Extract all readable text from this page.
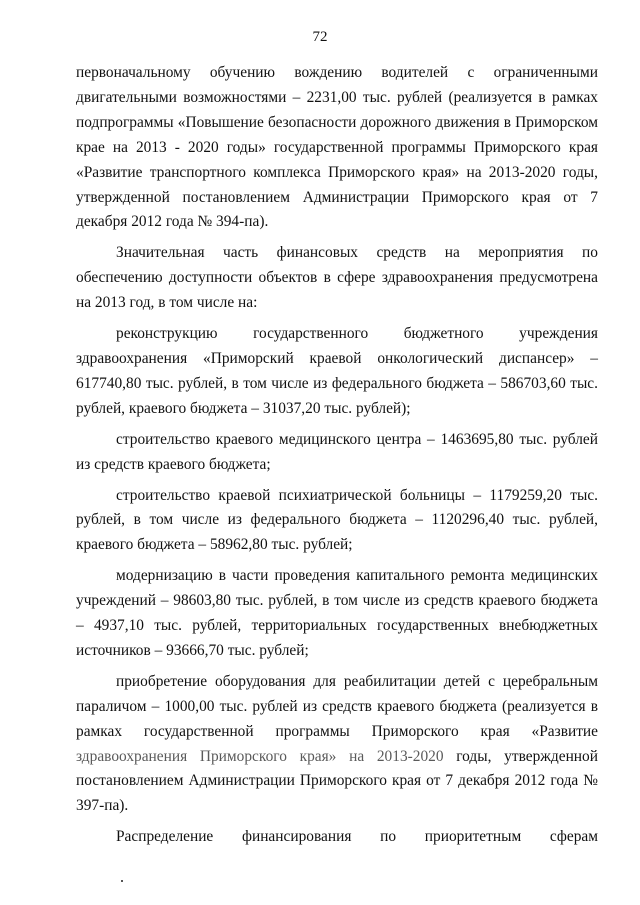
72

первоначальному обучению вождению водителей с ограниченными двигательными возможностями – 2231,00 тыс. рублей (реализуется в рамках подпрограммы «Повышение безопасности дорожного движения в Приморском крае на 2013 - 2020 годы» государственной программы Приморского края «Развитие транспортного комплекса Приморского края» на 2013-2020 годы, утвержденной постановлением Администрации Приморского края от 7 декабря 2012 года № 394-па).

Значительная часть финансовых средств на мероприятия по обеспечению доступности объектов в сфере здравоохранения предусмотрена на 2013 год, в том числе на:

реконструкцию государственного бюджетного учреждения здравоохранения «Приморский краевой онкологический диспансер» – 617740,80 тыс. рублей, в том числе из федерального бюджета – 586703,60 тыс. рублей, краевого бюджета – 31037,20 тыс. рублей);

строительство краевого медицинского центра – 1463695,80 тыс. рублей из средств краевого бюджета;

строительство краевой психиатрической больницы – 1179259,20 тыс. рублей, в том числе из федерального бюджета – 1120296,40 тыс. рублей, краевого бюджета – 58962,80 тыс. рублей;

модернизацию в части проведения капитального ремонта медицинских учреждений – 98603,80 тыс. рублей, в том числе из средств краевого бюджета – 4937,10 тыс. рублей, территориальных государственных внебюджетных источников – 93666,70 тыс. рублей;

приобретение оборудования для реабилитации детей с церебральным параличом – 1000,00 тыс. рублей из средств краевого бюджета (реализуется в рамках государственной программы Приморского края «Развитие здравоохранения Приморского края» на 2013-2020 годы, утвержденной постановлением Администрации Приморского края от 7 декабря 2012 года № 397-па).

Распределение финансирования по приоритетным сферам
